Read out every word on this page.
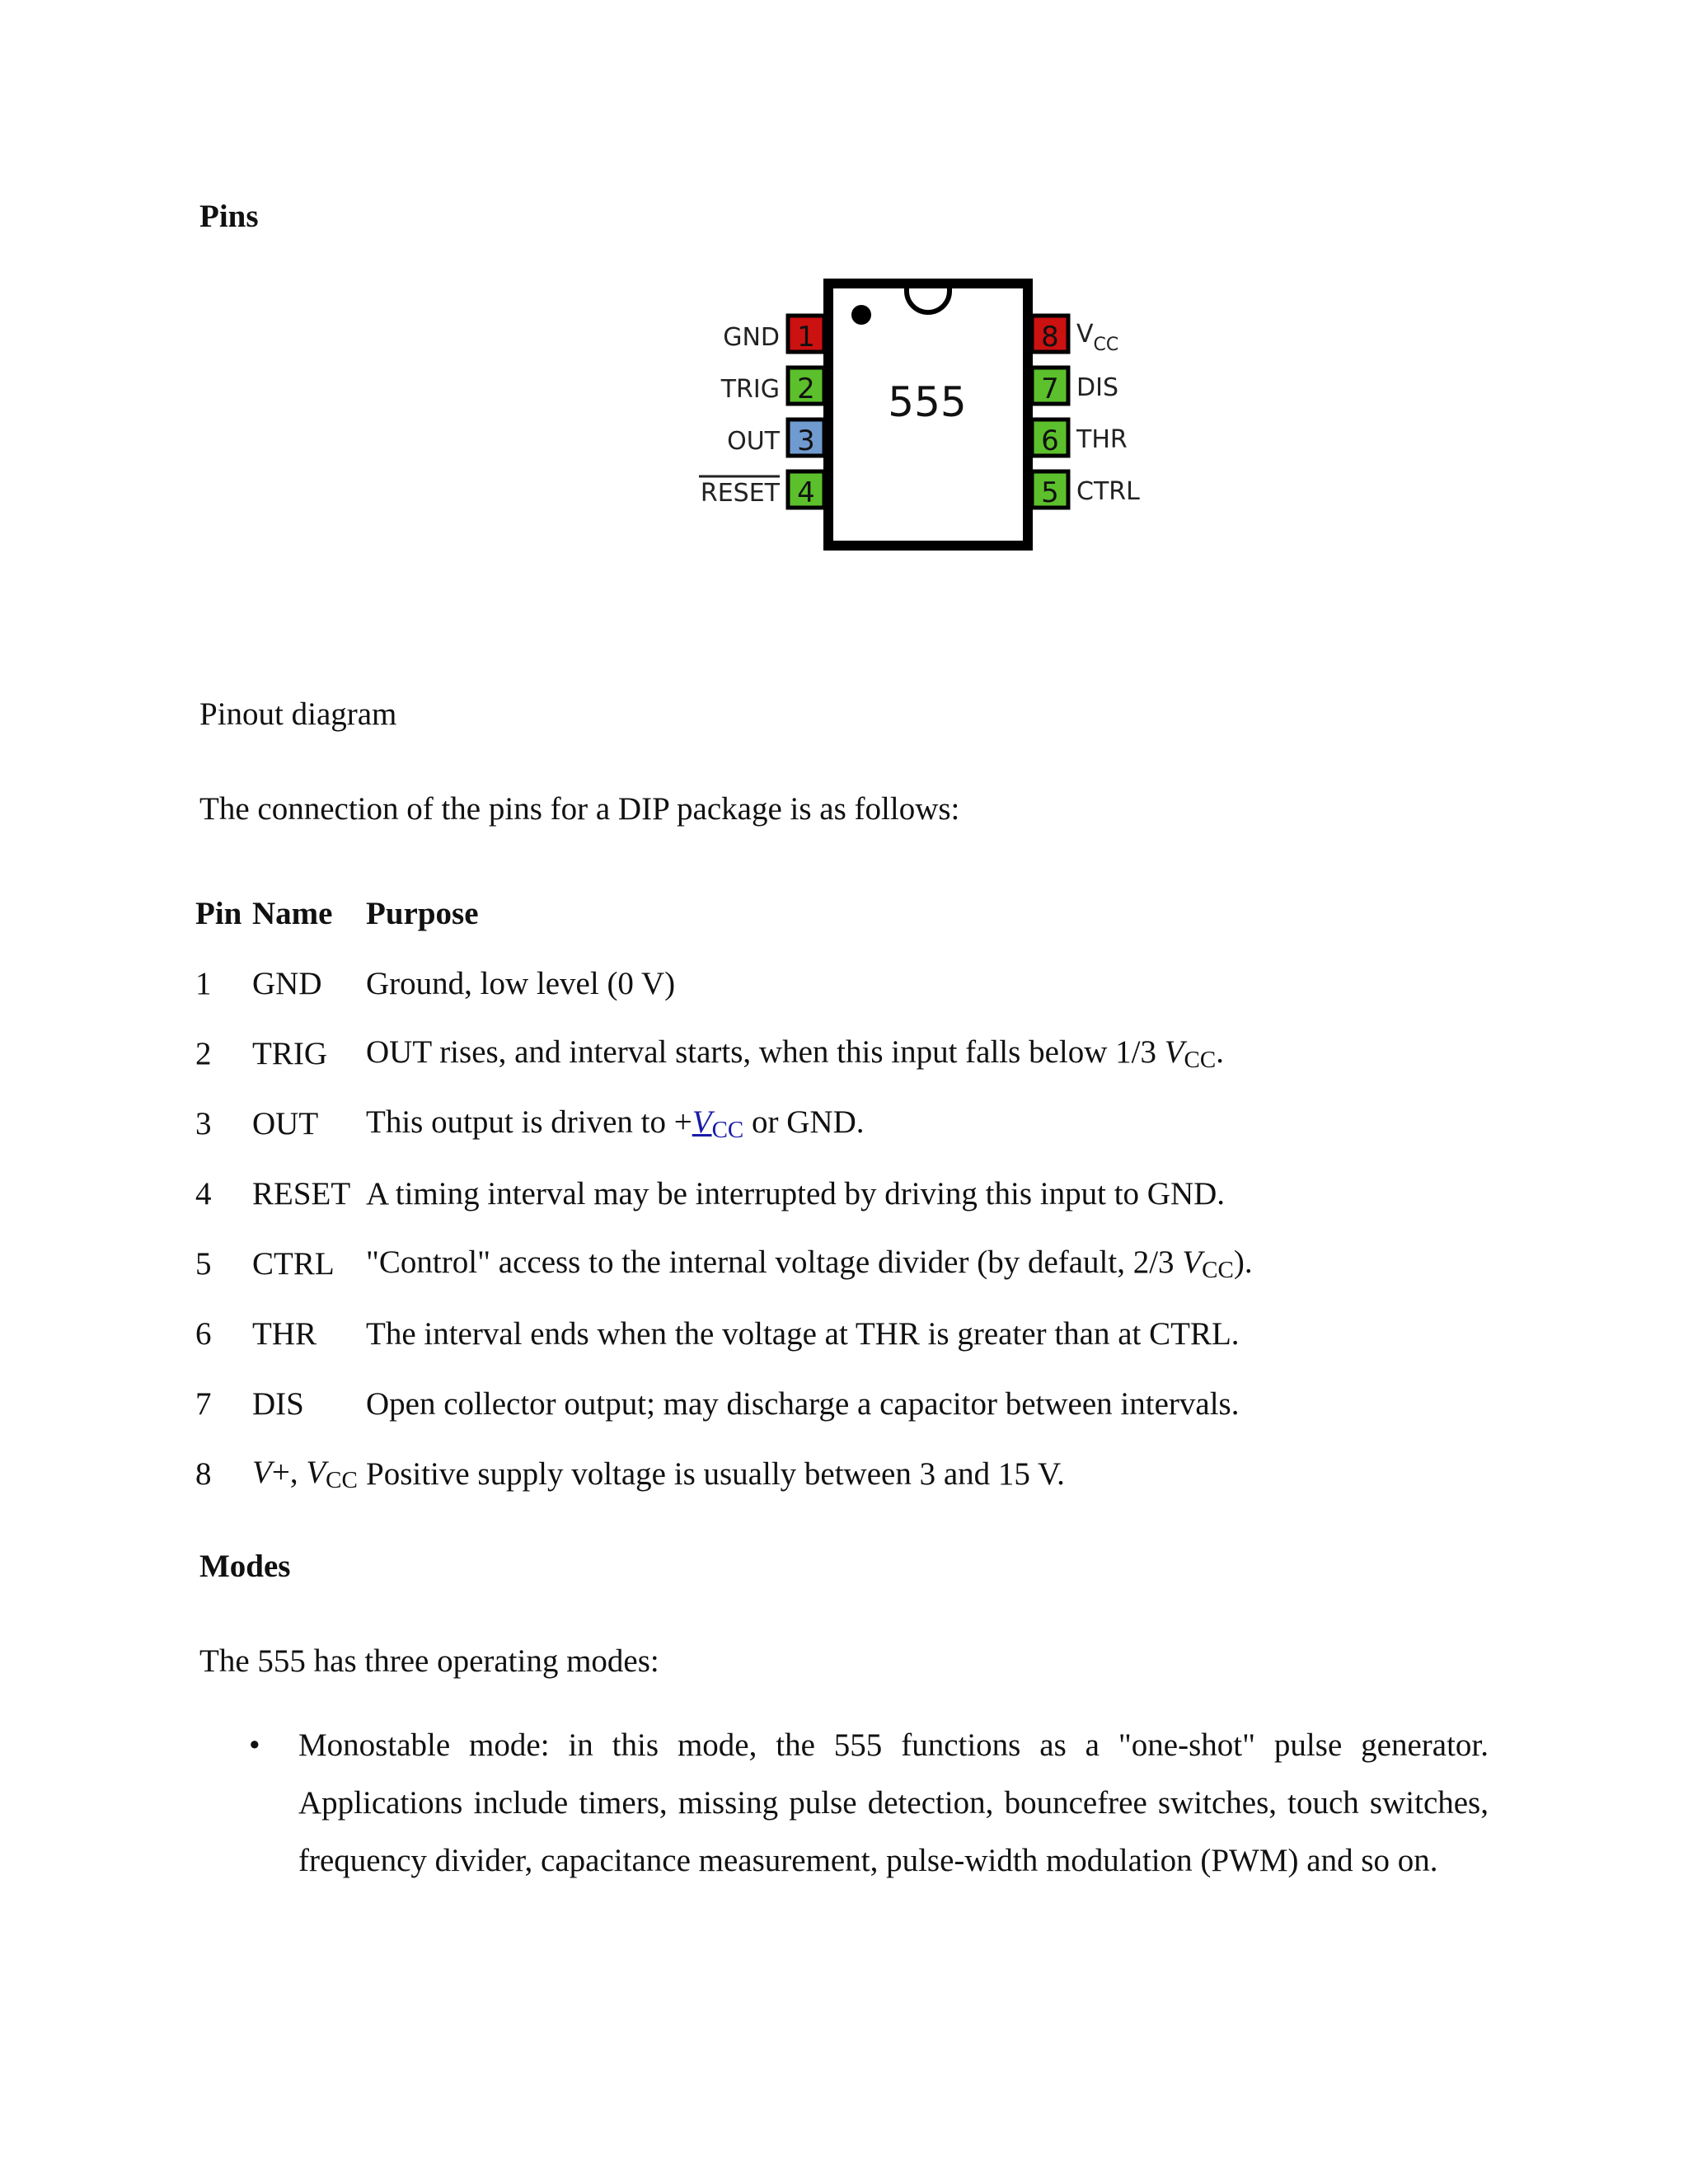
Pins
555
1
GND
2
TRIG
3
OUT
4
RESET
8 $V_{CC}$
7 DIS
6 THR
5 CTRL
Pinout diagram
The connection of the pins for a DIP package is as follows:
Pin	Name	Purpose
1	GND	Ground, low level (0 V)
2	TRIG	OUT rises, and interval starts, when this input falls below 1/3 $V_{CC}$.
3	OUT	This output is driven to $+V_{CC}$ or GND.
4	RESET	A timing interval may be interrupted by driving this input to GND.
5	CTRL	"Control" access to the internal voltage divider (by default, 2/3 $V_{CC}$).
6	THR	The interval ends when the voltage at THR is greater than at CTRL.
7	DIS	Open collector output; may discharge a capacitor between intervals.
8	V+, $V_{CC}$	Positive supply voltage is usually between 3 and 15 V.
Modes
The 555 has three operating modes:
• Monostable mode: in this mode, the 555 functions as a "one-shot" pulse generator. Applications include timers, missing pulse detection, bouncefree switches, touch switches, frequency divider, capacitance measurement, pulse-width modulation (PWM) and so on.
